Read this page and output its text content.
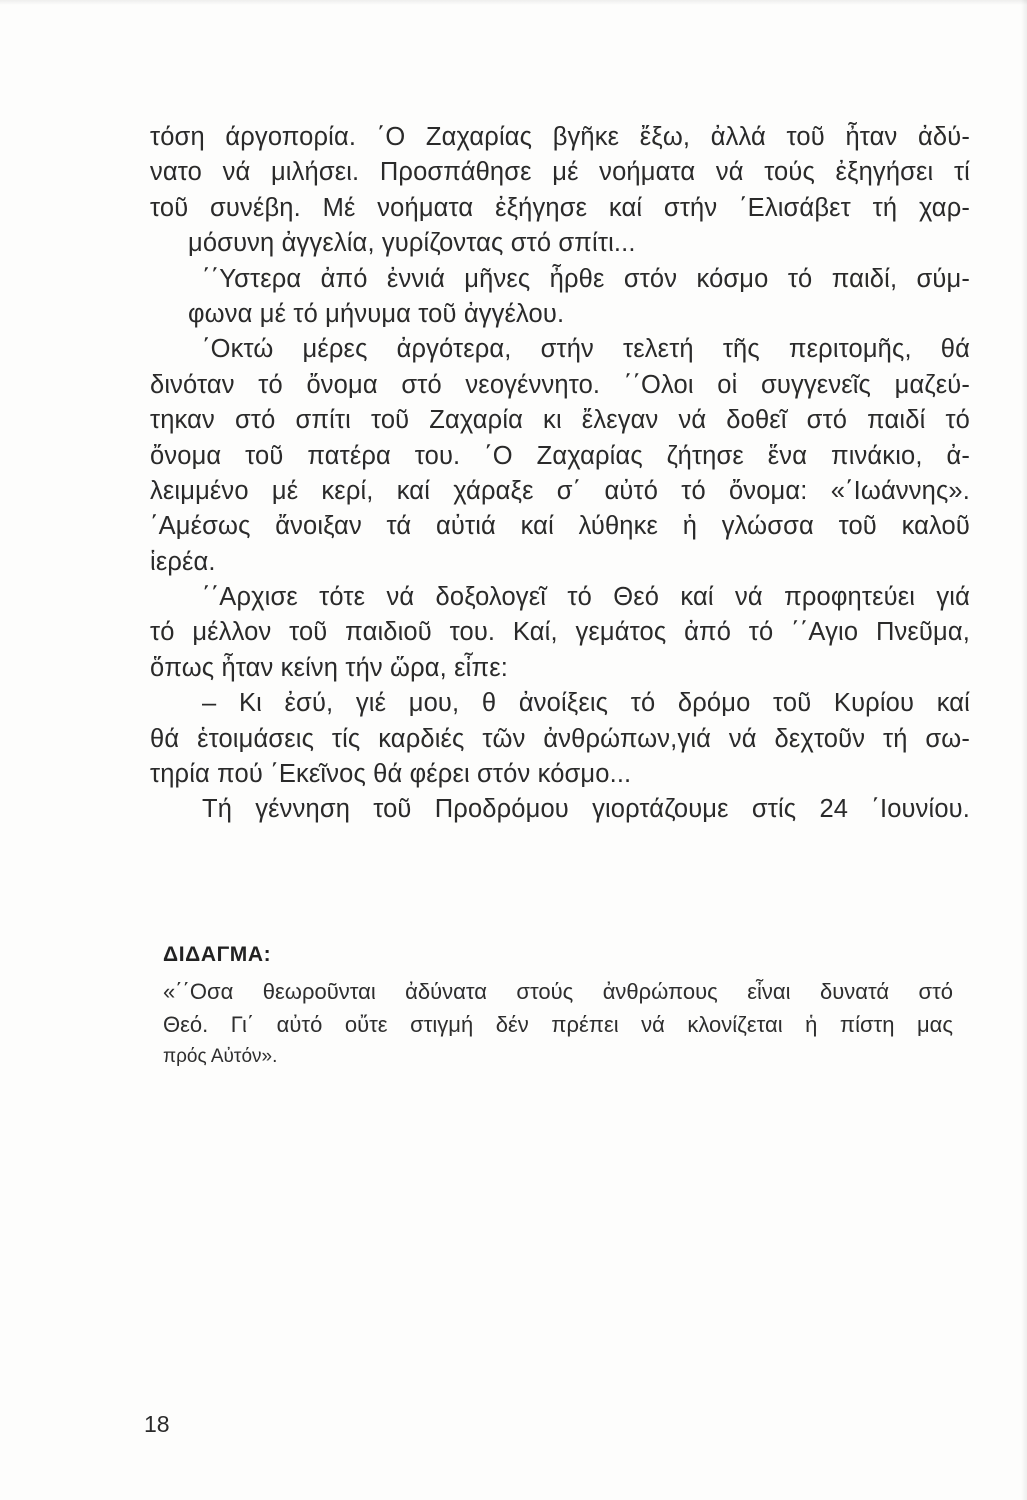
τόση άργοπορία. ΄Ο Ζαχαρίας βγῆκε ἔξω, ἀλλά τοῦ ἦταν ἀδύ-
νατο νά μιλήσει. Προσπάθησε μέ νοήματα νά τούς ἐξηγήσει τί
τοῦ συνέβη. Μέ νοήματα ἐξήγησε καί στήν ΄Ελισάβετ τή χαρ-
μόσυνη ἀγγελία, γυρίζοντας στό σπίτι...
΄΄Υστερα ἀπό ἐννιά μῆνες ἦρθε στόν κόσμο τό παιδί, σύμ-
φωνα μέ τό μήνυμα τοῦ ἀγγέλου.
΄Οκτώ μέρες ἀργότερα, στήν τελετή τῆς περιτομῆς, θά
δινόταν τό ὄνομα στό νεογέννητο. ΄΄Ολοι οἱ συγγενεῖς μαζεύ-
τηκαν στό σπίτι τοῦ Ζαχαρία κι ἔλεγαν νά δοθεῖ στό παιδί τό
ὄνομα τοῦ πατέρα του. ΄Ο Ζαχαρίας ζήτησε ἕνα πινάκιο, ἀ-
λειμμένο μέ κερί, καί χάραξε σ΄ αὐτό τό ὄνομα: «΄Ιωάννης».
΄Αμέσως ἄνοιξαν τά αὐτιά καί λύθηκε ἡ γλώσσα τοῦ καλοῦ
ἱερέα.
΄΄Αρχισε τότε νά δοξολογεῖ τό Θεό καί νά προφητεύει γιά
τό μέλλον τοῦ παιδιοῦ του. Καί, γεμάτος ἀπό τό ΄΄Αγιο Πνεῦμα,
ὅπως ἦταν κείνη τήν ὥρα, εἶπε:
– Κι ἐσύ, γιέ μου, θ ἀνοίξεις τό δρόμο τοῦ Κυρίου καί
θά ἑτοιμάσεις τίς καρδιές τῶν ἀνθρώπων,γιά νά δεχτοῦν τή σω-
τηρία πού ΄Εκεῖνος θά φέρει στόν κόσμο...
Τή γέννηση τοῦ Προδρόμου γιορτάζουμε στίς 24 ΄Ιουνίου.
ΔΙΔΑΓΜΑ:
«΄΄Οσα θεωροῦνται ἀδύνατα στούς ἀνθρώπους εἶναι δυνατά στό
Θεό. Γι΄ αὐτό οὔτε στιγμή δέν πρέπει νά κλονίζεται ἡ πίστη μας
πρός Αὐτόν».
18
